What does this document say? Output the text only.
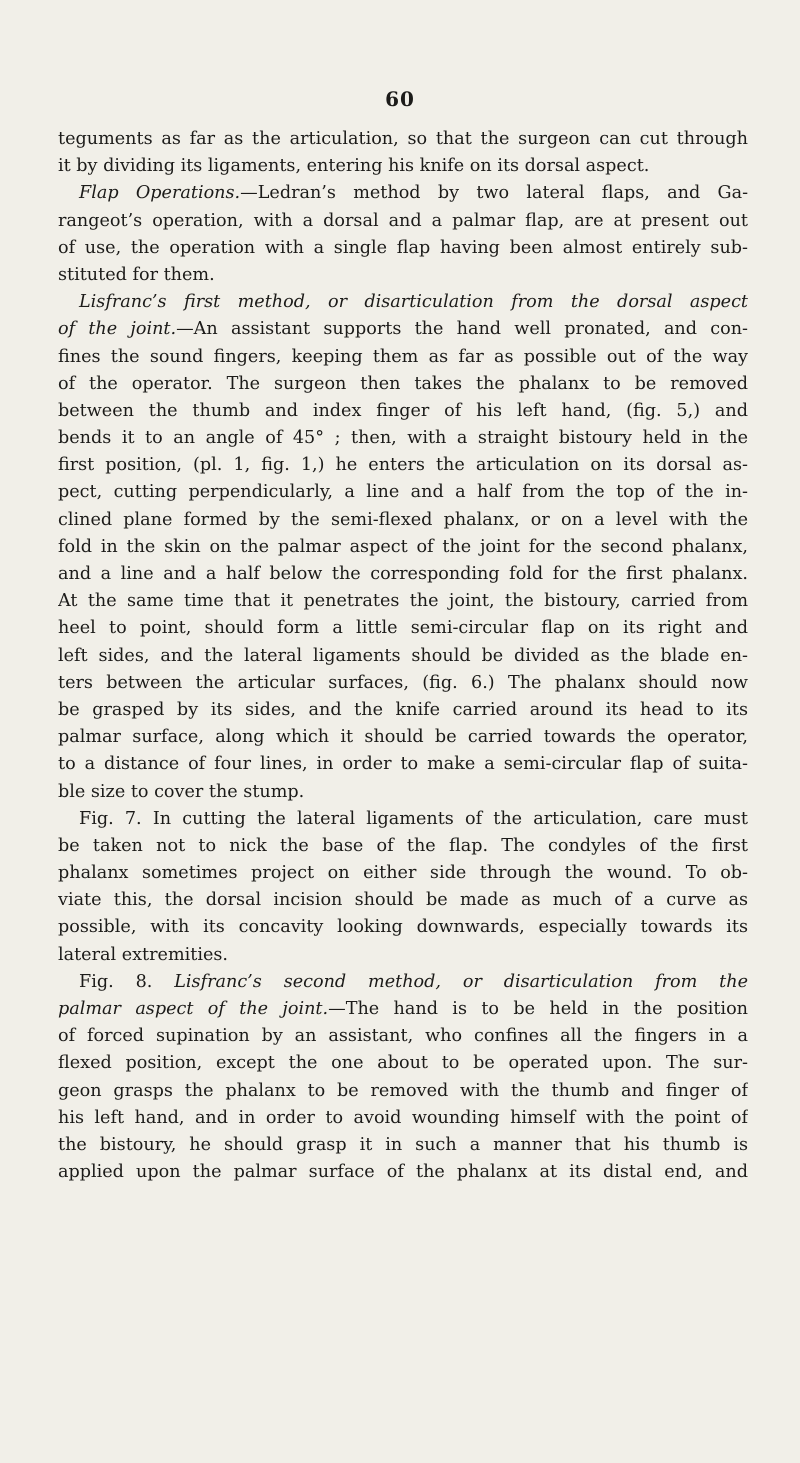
60
teguments as far as the articulation, so that the surgeon can cut through
it by dividing its ligaments, entering his knife on its dorsal aspect.
Flap Operations.—Ledran’s method by two lateral flaps, and Ga-
rangeot’s operation, with a dorsal and a palmar flap, are at present out
of use, the operation with a single flap having been almost entirely sub-
stituted for them.
Lisfranc’s first method, or disarticulation from the dorsal aspect
of the joint.—An assistant supports the hand well pronated, and con-
fines the sound fingers, keeping them as far as possible out of the way
of the operator. The surgeon then takes the phalanx to be removed
between the thumb and index finger of his left hand, (fig. 5,) and
bends it to an angle of 45° ; then, with a straight bistoury held in the
first position, (pl. 1, fig. 1,) he enters the articulation on its dorsal as-
pect, cutting perpendicularly, a line and a half from the top of the in-
clined plane formed by the semi-flexed phalanx, or on a level with the
fold in the skin on the palmar aspect of the joint for the second phalanx,
and a line and a half below the corresponding fold for the first phalanx.
At the same time that it penetrates the joint, the bistoury, carried from
heel to point, should form a little semi-circular flap on its right and
left sides, and the lateral ligaments should be divided as the blade en-
ters between the articular surfaces, (fig. 6.) The phalanx should now
be grasped by its sides, and the knife carried around its head to its
palmar surface, along which it should be carried towards the operator,
to a distance of four lines, in order to make a semi-circular flap of suita-
ble size to cover the stump.
Fig. 7. In cutting the lateral ligaments of the articulation, care must
be taken not to nick the base of the flap. The condyles of the first
phalanx sometimes project on either side through the wound. To ob-
viate this, the dorsal incision should be made as much of a curve as
possible, with its concavity looking downwards, especially towards its
lateral extremities.
Fig. 8. Lisfranc’s second method, or disarticulation from the
palmar aspect of the joint.—The hand is to be held in the position
of forced supination by an assistant, who confines all the fingers in a
flexed position, except the one about to be operated upon. The sur-
geon grasps the phalanx to be removed with the thumb and finger of
his left hand, and in order to avoid wounding himself with the point of
the bistoury, he should grasp it in such a manner that his thumb is
applied upon the palmar surface of the phalanx at its distal end, and
